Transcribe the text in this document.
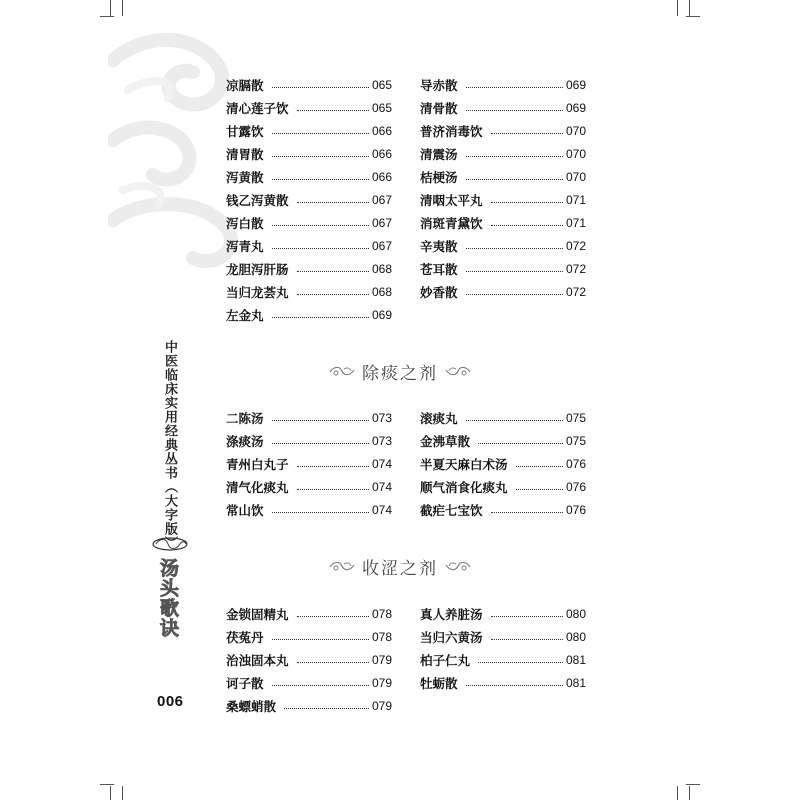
中医临床实用经典丛书（大字版）
汤头歌诀
006
凉膈散	065
清心莲子饮	065
甘露饮	066
清胃散	066
泻黄散	066
钱乙泻黄散	067
泻白散	067
泻青丸	067
龙胆泻肝肠	068
当归龙荟丸	068
左金丸	069
导赤散	069
清骨散	069
普济消毒饮	070
清震汤	070
桔梗汤	070
清咽太平丸	071
消斑青黛饮	071
辛夷散	072
苍耳散	072
妙香散	072
除痰之剂
二陈汤	073
涤痰汤	073
青州白丸子	074
清气化痰丸	074
常山饮	074
滚痰丸	075
金沸草散	075
半夏天麻白术汤	076
顺气消食化痰丸	076
截疟七宝饮	076
收涩之剂
金锁固精丸	078
茯菟丹	078
治浊固本丸	079
诃子散	079
桑螵蛸散	079
真人养脏汤	080
当归六黄汤	080
柏子仁丸	081
牡蛎散	081
